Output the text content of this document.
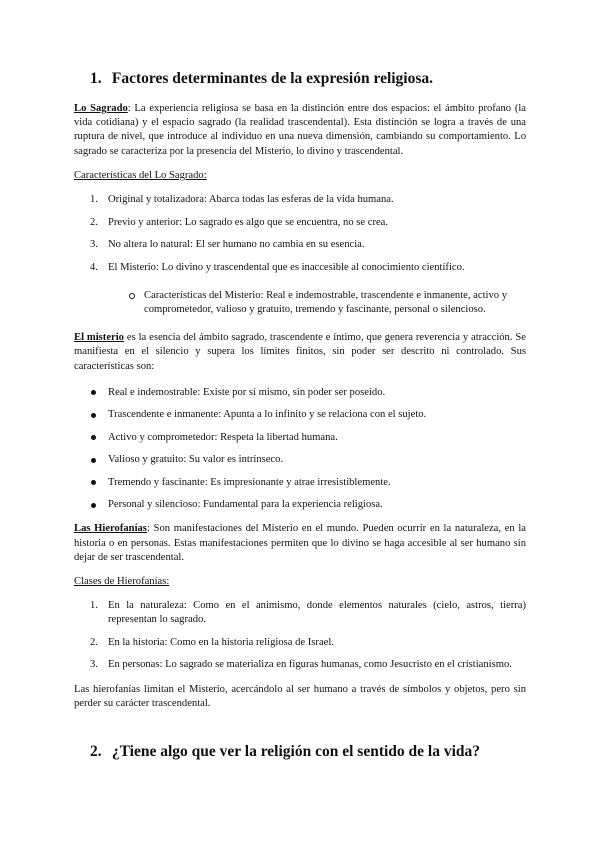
1. Factores determinantes de la expresión religiosa.

Lo Sagrado: La experiencia religiosa se basa en la distinción entre dos espacios: el ámbito profano (la vida cotidiana) y el espacio sagrado (la realidad trascendental). Esta distinción se logra a través de una ruptura de nivel, que introduce al individuo en una nueva dimensión, cambiando su comportamiento. Lo sagrado se caracteriza por la presencia del Misterio, lo divino y trascendental.

Características del Lo Sagrado:

1. Original y totalizadora: Abarca todas las esferas de la vida humana.
2. Previo y anterior: Lo sagrado es algo que se encuentra, no se crea.
3. No altera lo natural: El ser humano no cambia en su esencia.
4. El Misterio: Lo divino y trascendental que es inaccesible al conocimiento científico.
Características del Misterio: Real e indemostrable, trascendente e inmanente, activo y comprometedor, valioso y gratuito, tremendo y fascinante, personal o silencioso.

El misterio es la esencia del ámbito sagrado, trascendente e íntimo, que genera reverencia y atracción. Se manifiesta en el silencio y supera los límites finitos, sin poder ser descrito ni controlado. Sus características son:

Real e indemostrable: Existe por sí mismo, sin poder ser poseído.
Trascendente e inmanente: Apunta a lo infinito y se relaciona con el sujeto.
Activo y comprometedor: Respeta la libertad humana.
Valioso y gratuito: Su valor es intrínseco.
Tremendo y fascinante: Es impresionante y atrae irresistiblemente.
Personal y silencioso: Fundamental para la experiencia religiosa.

Las Hierofanías: Son manifestaciones del Misterio en el mundo. Pueden ocurrir en la naturaleza, en la historia o en personas. Estas manifestaciones permiten que lo divino se haga accesible al ser humano sin dejar de ser trascendental.

Clases de Hierofanías:

1. En la naturaleza: Como en el animismo, donde elementos naturales (cielo, astros, tierra) representan lo sagrado.
2. En la historia: Como en la historia religiosa de Israel.
3. En personas: Lo sagrado se materializa en figuras humanas, como Jesucristo en el cristianismo.

Las hierofanías limitan el Misterio, acercándolo al ser humano a través de símbolos y objetos, pero sin perder su carácter trascendental.

2. ¿Tiene algo que ver la religión con el sentido de la vida?
